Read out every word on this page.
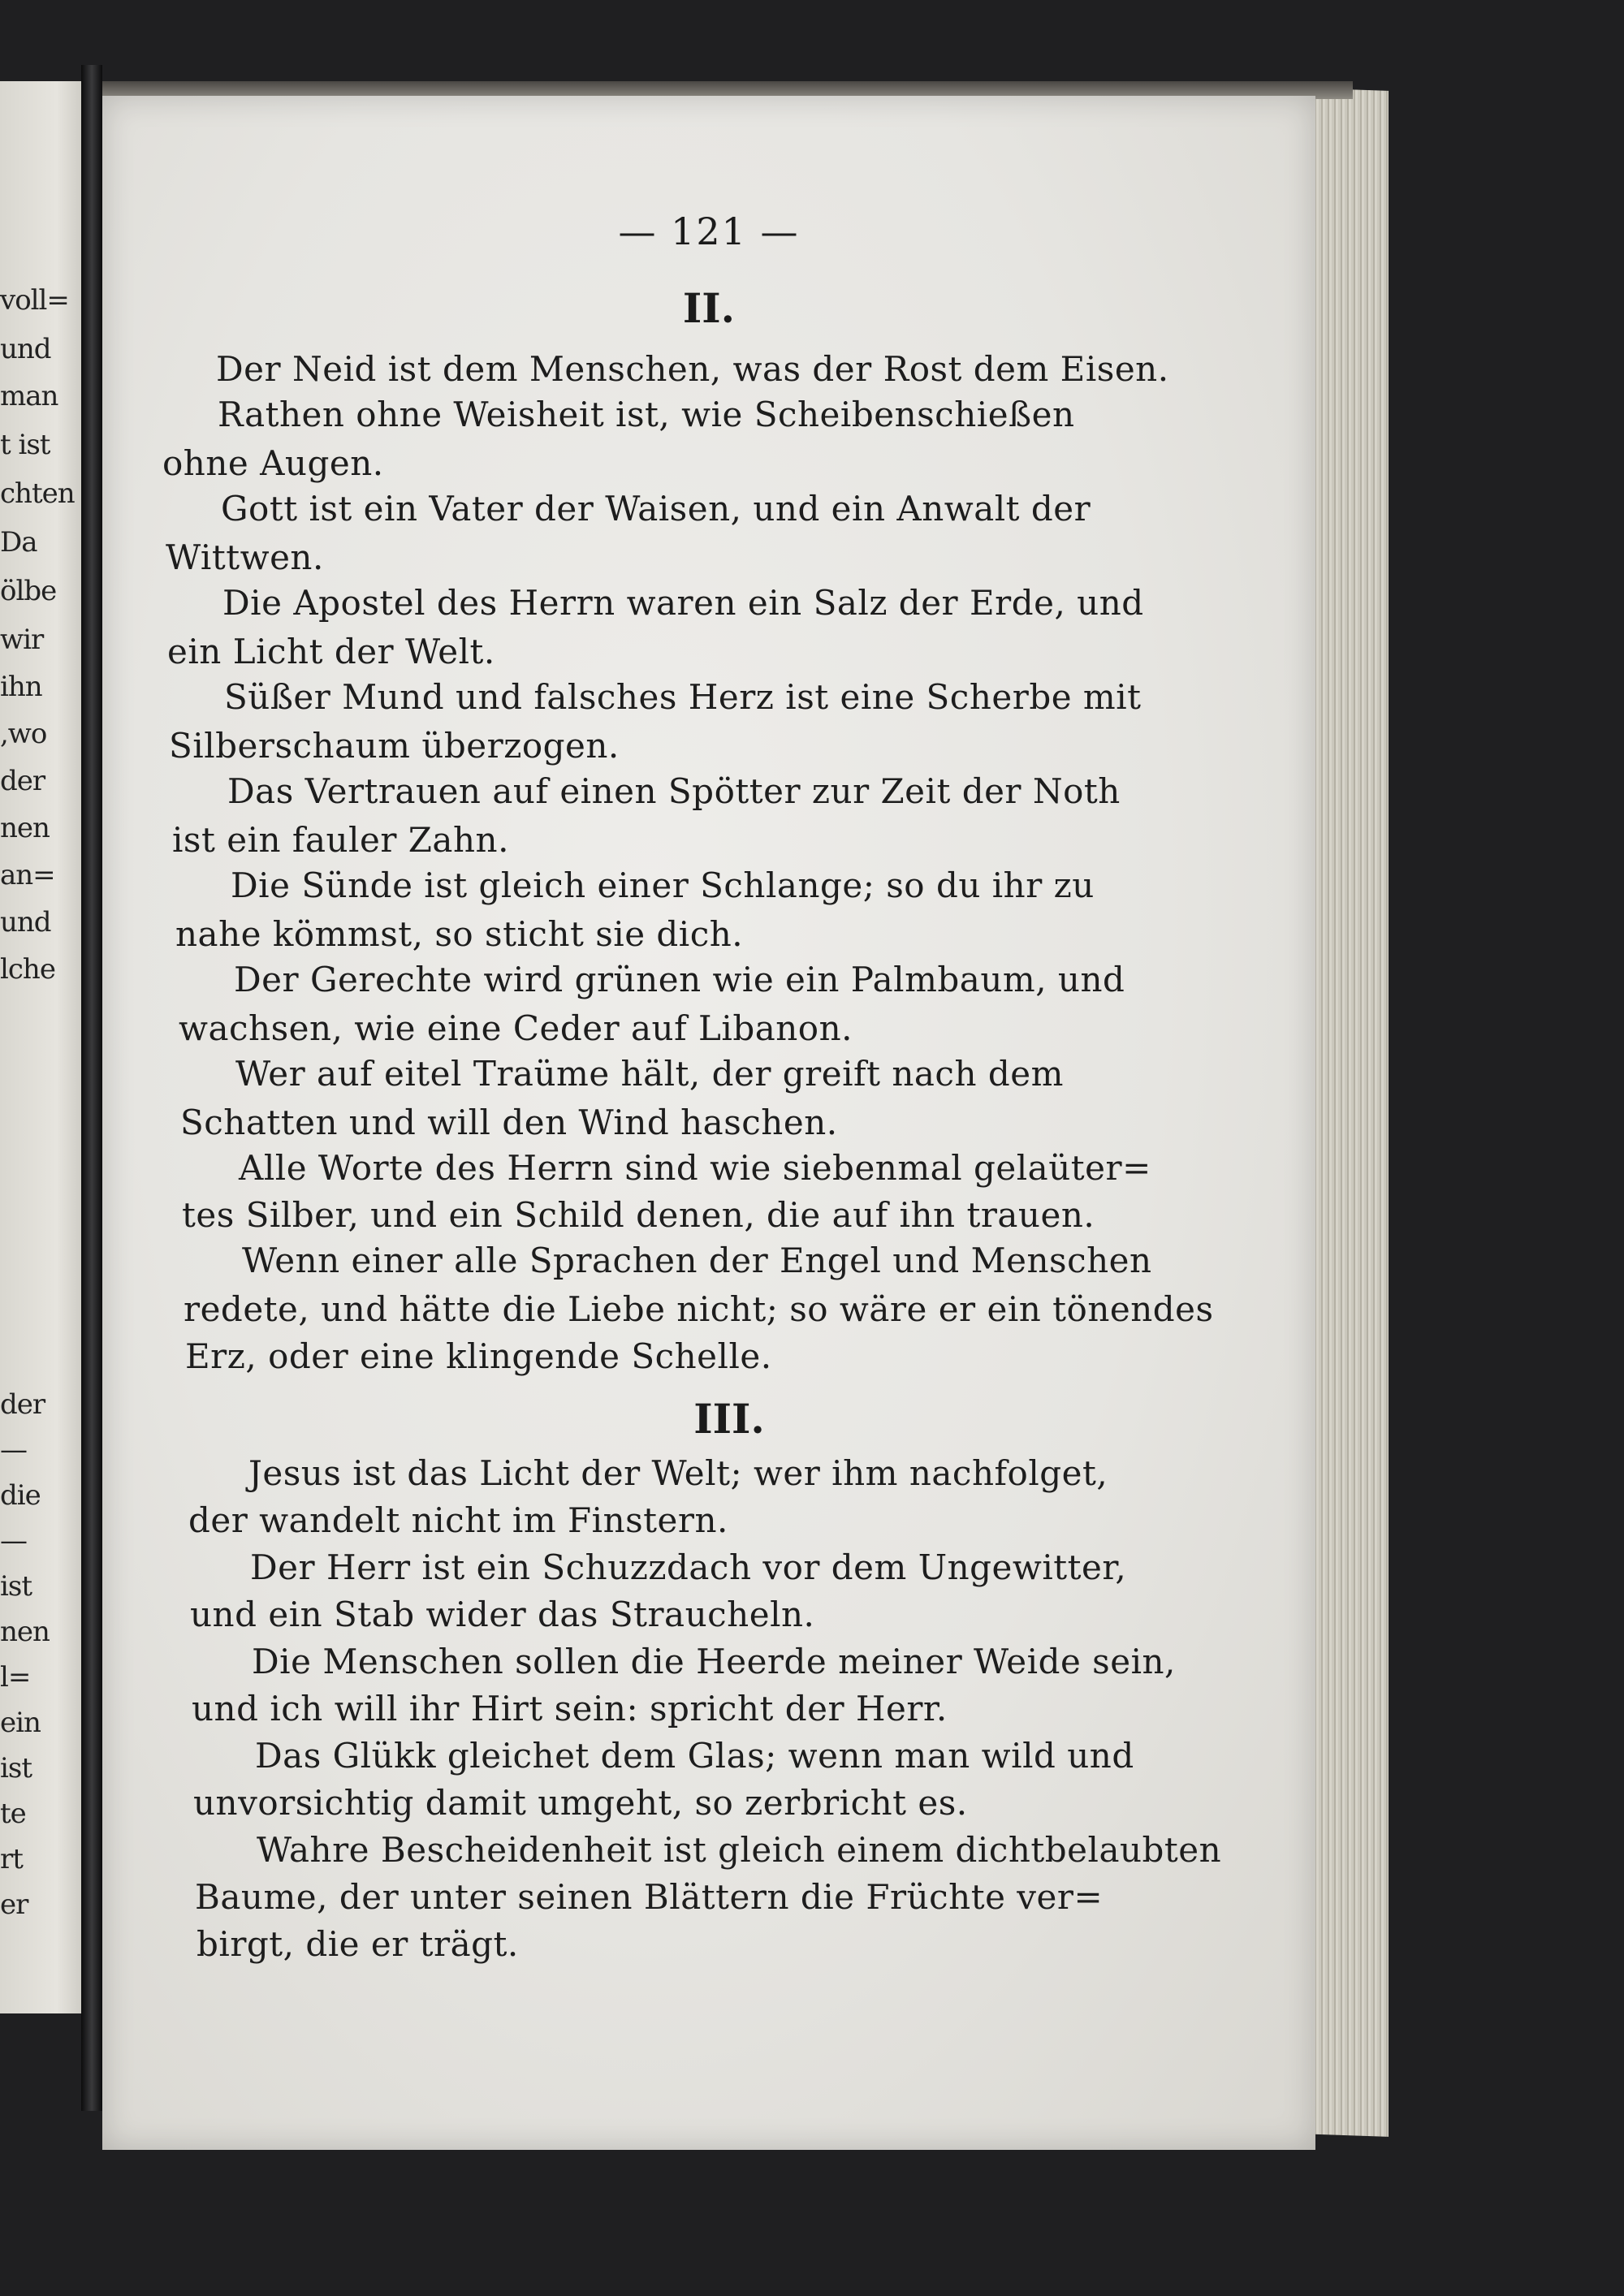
voll=
und
man
t ist
chten
Da
ölbe
wir
ihn
,wo
der
nen
an=
und
lche
der
—
die
—
ist
nen
l=
ein
ist
te
rt
er
— 121 —
II.
Der Neid ist dem Menschen, was der Rost dem Eisen.
Rathen ohne Weisheit ist, wie Scheibenschießen
ohne Augen.
Gott ist ein Vater der Waisen, und ein Anwalt der
Wittwen.
Die Apostel des Herrn waren ein Salz der Erde, und
ein Licht der Welt.
Süßer Mund und falsches Herz ist eine Scherbe mit
Silberschaum überzogen.
Das Vertrauen auf einen Spötter zur Zeit der Noth
ist ein fauler Zahn.
Die Sünde ist gleich einer Schlange; so du ihr zu
nahe kömmst, so sticht sie dich.
Der Gerechte wird grünen wie ein Palmbaum, und
wachsen, wie eine Ceder auf Libanon.
Wer auf eitel Traüme hält, der greift nach dem
Schatten und will den Wind haschen.
Alle Worte des Herrn sind wie siebenmal gelaüter=
tes Silber, und ein Schild denen, die auf ihn trauen.
Wenn einer alle Sprachen der Engel und Menschen
redete, und hätte die Liebe nicht; so wäre er ein tönendes
Erz, oder eine klingende Schelle.
III.
Jesus ist das Licht der Welt; wer ihm nachfolget,
der wandelt nicht im Finstern.
Der Herr ist ein Schuzzdach vor dem Ungewitter,
und ein Stab wider das Straucheln.
Die Menschen sollen die Heerde meiner Weide sein,
und ich will ihr Hirt sein: spricht der Herr.
Das Glükk gleichet dem Glas; wenn man wild und
unvorsichtig damit umgeht, so zerbricht es.
Wahre Bescheidenheit ist gleich einem dichtbelaubten
Baume, der unter seinen Blättern die Früchte ver=
birgt, die er trägt.
